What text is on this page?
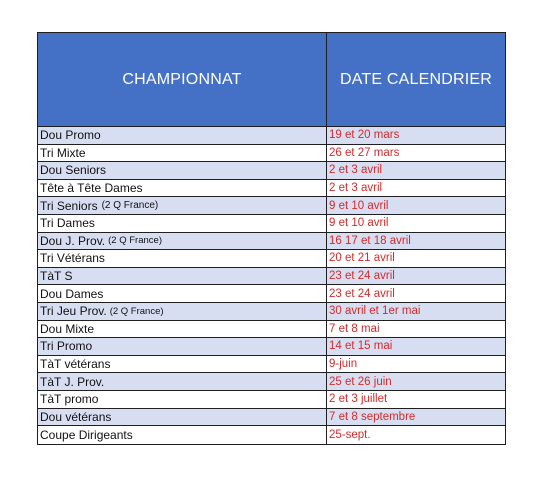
CHAMPIONNAT	DATE CALENDRIER
Dou Promo	19 et 20 mars
Tri Mixte	26 et 27 mars
Dou Seniors	2 et 3 avril
Tête à Tête Dames	2 et 3 avril
Tri Seniors (2 Q France)	9 et 10 avril
Tri Dames	9 et 10 avril
Dou J. Prov. (2 Q France)	16 17 et 18 avril
Tri Vétérans	20 et 21 avril
TàT S	23 et 24 avril
Dou Dames	23 et 24 avril
Tri Jeu Prov. (2 Q France)	30 avril et 1er mai
Dou Mixte	7 et 8 mai
Tri Promo	14 et 15 mai
TàT vétérans	9-juin
TàT J. Prov.	25 et 26 juin
TàT promo	2 et 3 juillet
Dou vétérans	7 et 8 septembre
Coupe Dirigeants	25-sept.
